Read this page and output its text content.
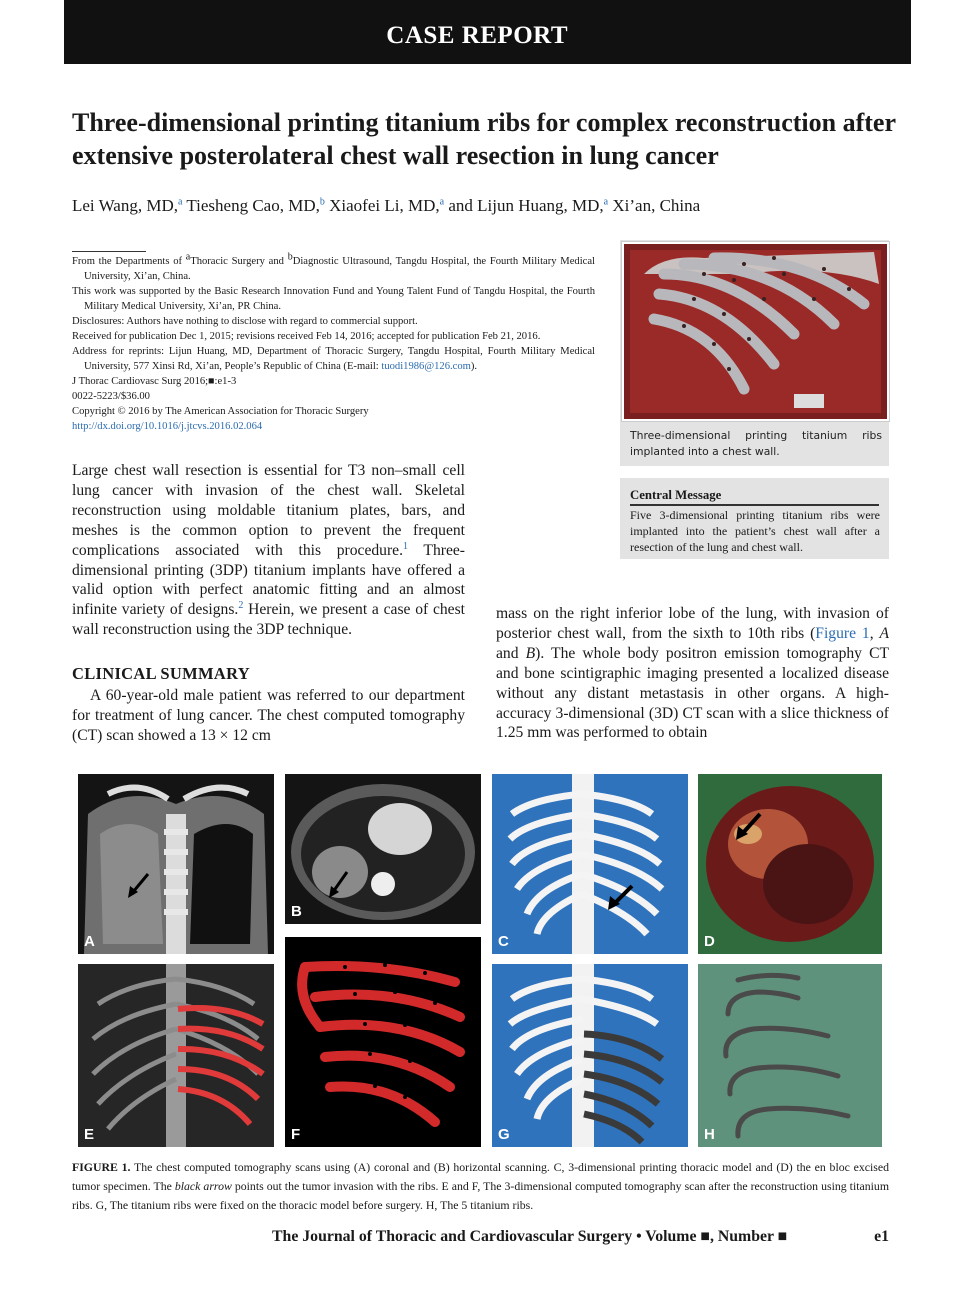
CASE REPORT
Three-dimensional printing titanium ribs for complex reconstruction after extensive posterolateral chest wall resection in lung cancer
Lei Wang, MD,$^a$ Tiesheng Cao, MD,$^b$ Xiaofei Li, MD,$^a$ and Lijun Huang, MD,$^a$ Xi’an, China

From the Departments of $^a$Thoracic Surgery and $^b$Diagnostic Ultrasound, Tangdu Hospital, the Fourth Military Medical University, Xi’an, China.

This work was supported by the Basic Research Innovation Fund and Young Talent Fund of Tangdu Hospital, the Fourth Military Medical University, Xi’an, PR China.

Disclosures: Authors have nothing to disclose with regard to commercial support.

Received for publication Dec 1, 2015; revisions received Feb 14, 2016; accepted for publication Feb 21, 2016.

Address for reprints: Lijun Huang, MD, Department of Thoracic Surgery, Tangdu Hospital, Fourth Military Medical University, 577 Xinsi Rd, Xi’an, People’s Republic of China (E-mail: tuodi1986@126.com).

J Thorac Cardiovasc Surg 2016;■:e1-3

0022-5223/$36.00

Copyright © 2016 by The American Association for Thoracic Surgery

http://dx.doi.org/10.1016/j.jtcvs.2016.02.064

Three-dimensional printing titanium ribs implanted into a chest wall.
Central Message
Five 3-dimensional printing titanium ribs were implanted into the patient’s chest wall after a resection of the lung and chest wall.

Large chest wall resection is essential for T3 non–small cell lung cancer with invasion of the chest wall. Skeletal reconstruction using moldable titanium plates, bars, and meshes is the common option to prevent the frequent complications associated with this procedure.$^1$ Three-dimensional printing (3DP) titanium implants have offered a valid option with perfect anatomic fitting and an almost infinite variety of designs.$^2$ Herein, we present a case of chest wall reconstruction using the 3DP technique.

CLINICAL SUMMARY

A 60-year-old male patient was referred to our department for treatment of lung cancer. The chest computed tomography (CT) scan showed a 13 × 12 cm

mass on the right inferior lobe of the lung, with invasion of posterior chest wall, from the sixth to 10th ribs (Figure 1, A and B). The whole body positron emission tomography CT and bone scintigraphic imaging presented a localized disease without any distant metastasis in other organs. A high-accuracy 3-dimensional (3D) CT scan with a slice thickness of 1.25 mm was performed to obtain

A
B
C	D
E	F	G	H
FIGURE 1. The chest computed tomography scans using (A) coronal and (B) horizontal scanning. C, 3-dimensional printing thoracic model and (D) the en bloc excised tumor specimen. The black arrow points out the tumor invasion with the ribs. E and F, The 3-dimensional computed tomography scan after the reconstruction using titanium ribs. G, The titanium ribs were fixed on the thoracic model before surgery. H, The 5 titanium ribs.
The Journal of Thoracic and Cardiovascular Surgery • Volume ■, Number ■	e1
